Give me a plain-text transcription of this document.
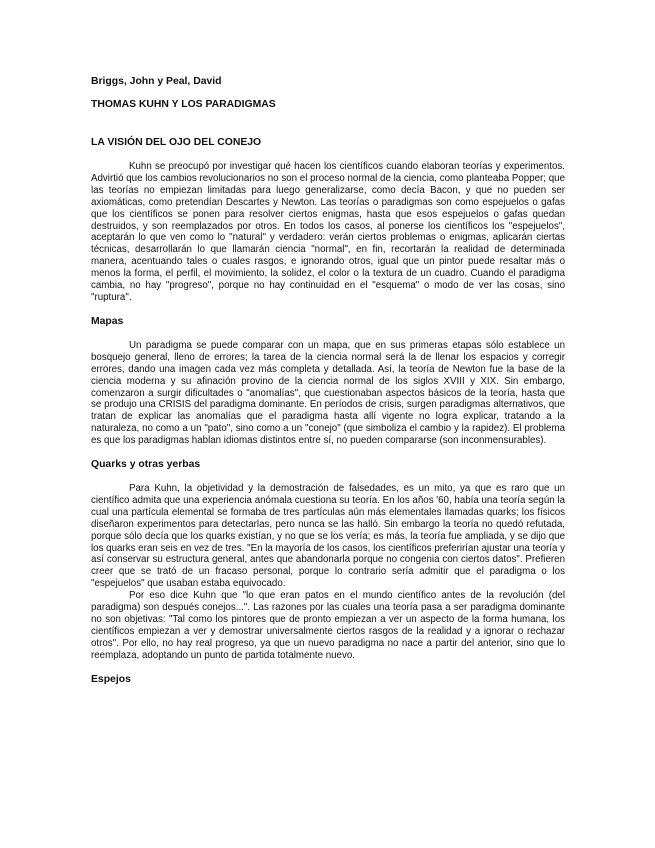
Briggs, John y Peal, David
THOMAS KUHN Y LOS PARADIGMAS
LA VISIÓN DEL OJO DEL CONEJO

Kuhn se preocupó por investigar qué hacen los científicos cuando elaboran teorías y experimentos. Advirtió que los cambios revolucionarios no son el proceso normal de la ciencia, como planteaba Popper; que las teorías no empiezan limitadas para luego generalizarse, como decía Bacon, y que no pueden ser axiomáticas, como pretendían Descartes y Newton. Las teorías o paradigmas son como espejuelos o gafas que los científicos se ponen para resolver ciertos enigmas, hasta que esos espejuelos o gafas quedan destruidos, y son reemplazados por otros. En todos los casos, al ponerse los científicos los "espejuelos", aceptarán lo que ven como lo "natural" y verdadero: verán ciertos problemas o enigmas, aplicarán ciertas técnicas, desarrollarán lo que llamarán ciencia "normal", en fin, recortarán la realidad de determinada manera, acentuando tales o cuales rasgos, e ignorando otros, igual que un pintor puede resaltar más o menos la forma, el perfil, el movimiento, la solidez, el color o la textura de un cuadro. Cuando el paradigma cambia, no hay "progreso", porque no hay continuidad en el "esquema" o modo de ver las cosas, sino "ruptura".

Mapas

Un paradigma se puede comparar con un mapa, que en sus primeras etapas sólo establece un bosquejo general, lleno de errores; la tarea de la ciencia normal será la de llenar los espacios y corregir errores, dando una imagen cada vez más completa y detallada. Así, la teoría de Newton fue la base de la ciencia moderna y su afinación provino de la ciencia normal de los siglos XVIII y XIX. Sin embargo, comenzaron a surgir dificultades o "anomalías", que cuestionaban aspectos básicos de la teoría, hasta que se produjo una CRISIS del paradigma dominante. En períodos de crisis, surgen paradigmas alternativos, que tratan de explicar las anomalías que el paradigma hasta allí vigente no logra explicar, tratando a la naturaleza, no como a un "pato", sino como a un "conejo" (que simboliza el cambio y la rapidez). El problema es que los paradigmas hablan idiomas distintos entre sí, no pueden compararse (son inconmensurables).

Quarks y otras yerbas

Para Kuhn, la objetividad y la demostración de falsedades, es un mito, ya que es raro que un científico admita que una experiencia anómala cuestiona su teoría. En los años '60, había una teoría según la cual una partícula elemental se formaba de tres partículas aún más elementales llamadas quarks; los físicos diseñaron experimentos para detectarlas, pero nunca se las halló. Sin embargo la teoría no quedó refutada, porque sólo decía que los quarks existían, y no que se los vería; es más, la teoría fue ampliada, y se dijo que los quarks eran seis en vez de tres. "En la mayoría de los casos, los científicos preferirían ajustar una teoría y así conservar su estructura general, antes que abandonarla porque no congenia con ciertos datos". Prefieren creer que se trató de un fracaso personal, porque lo contrario sería admitir que el paradigma o los "espejuelos" que usaban estaba equivocado.

Por eso dice Kuhn que "lo que eran patos en el mundo científico antes de la revolución (del paradigma) son después conejos...". Las razones por las cuales una teoría pasa a ser paradigma dominante no son objetivas: "Tal como los pintores que de pronto empiezan a ver un aspecto de la forma humana, los científicos empiezan a ver y demostrar universalmente ciertos rasgos de la realidad y a ignorar o rechazar otros". Por ello, no hay real progreso, ya que un nuevo paradigma no nace a partir del anterior, sino que lo reemplaza, adoptando un punto de partida totalmente nuevo.

Espejos
